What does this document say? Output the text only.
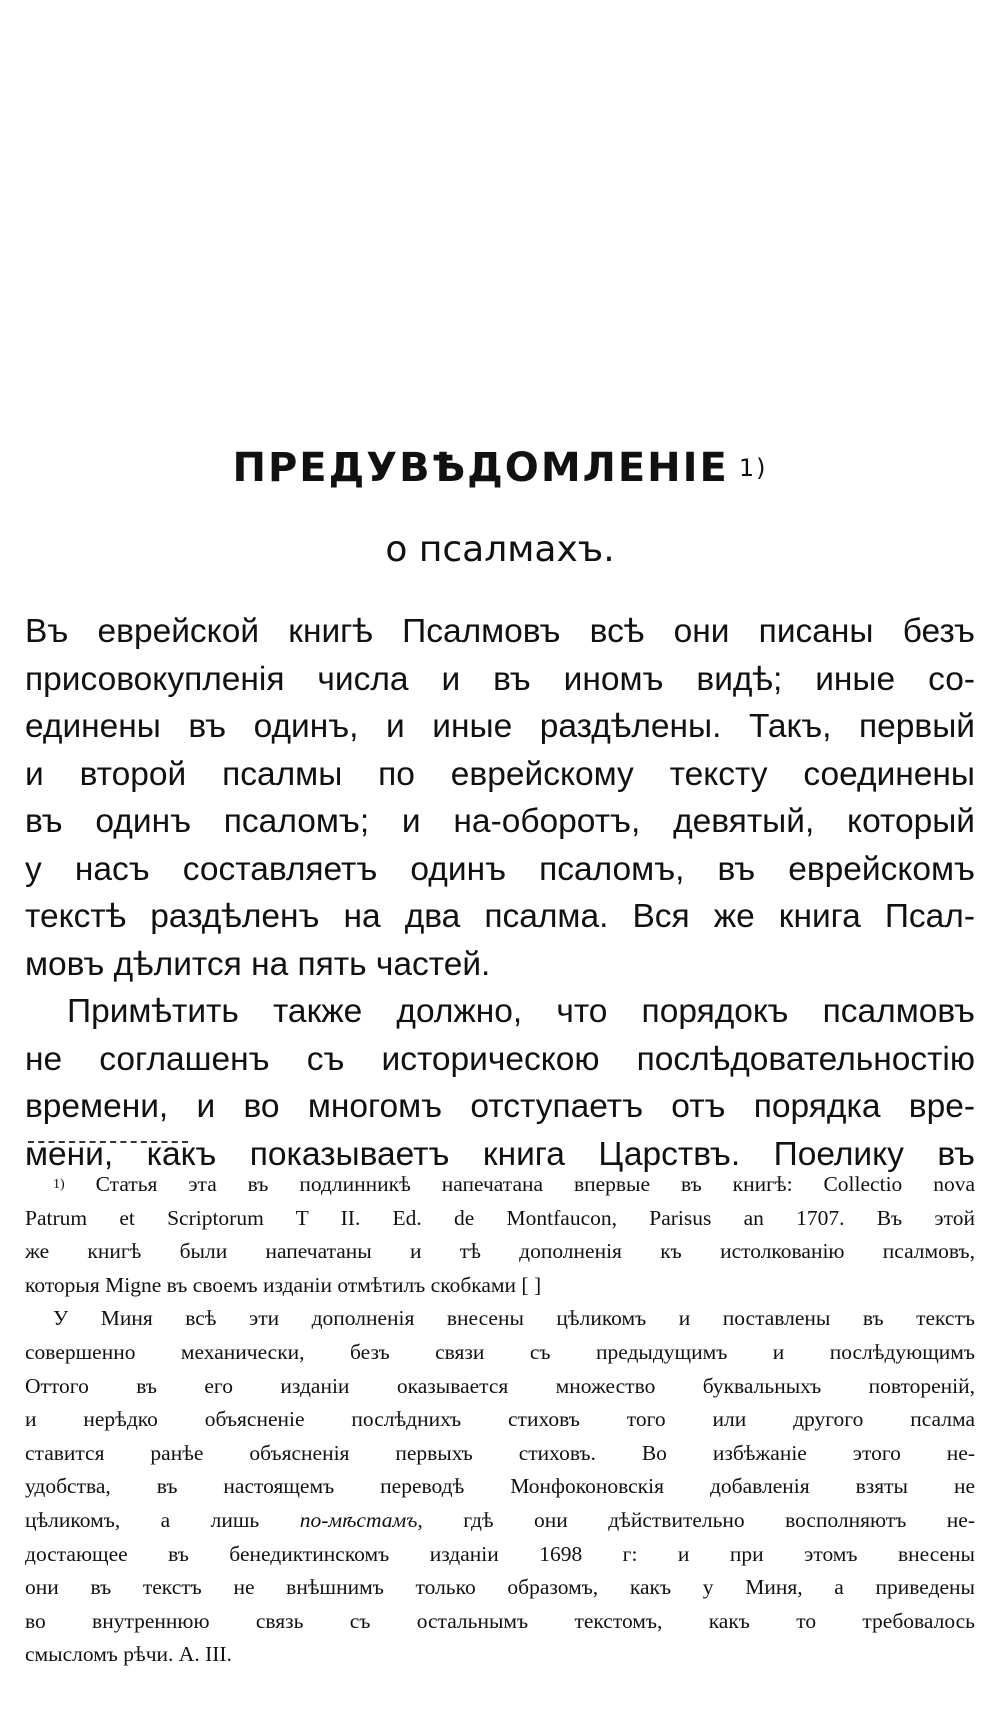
ПРЕДУВѢДОМЛЕНІЕ $^{1)}$
о псалмахъ.
Въ еврейской книгѣ Псалмовъ всѣ они писаны безъ
присовокупленія числа и въ иномъ видѣ; иные со-
единены въ одинъ, и иные раздѣлены. Такъ, первый
и второй псалмы по еврейскому тексту соединены
въ одинъ псаломъ; и на-оборотъ, девятый, который
у насъ составляетъ одинъ псаломъ, въ еврейскомъ
текстѣ раздѣленъ на два псалма. Вся же книга Псал-
мовъ дѣлится на пять частей.
Примѣтить также должно, что порядокъ псалмовъ
не соглашенъ съ историческою послѣдовательностію
времени, и во многомъ отступаетъ отъ порядка вре-
мени, какъ показываетъ книга Царствъ. Поелику въ
$^{1)}$ Статья эта въ подлинникѣ напечатана впервые въ книгѣ: Collectio nova
Patrum et Scriptorum T II. Ed. de Montfaucon, Parisus an 1707. Въ этой
же книгѣ были напечатаны и тѣ дополненія къ истолкованію псалмовъ,
которыя Migne въ своемъ изданіи отмѣтилъ скобками [ ]
У Миня всѣ эти дополненія внесены цѣликомъ и поставлены въ текстъ
совершенно механически, безъ связи съ предыдущимъ и послѣдующимъ
Оттого въ его изданіи оказывается множество буквальныхъ повтореній,
и нерѣдко объясненіе послѣднихъ стиховъ того или другого псалма
ставится ранѣе объясненія первыхъ стиховъ. Во избѣжаніе этого не-
удобства, въ настоящемъ переводѣ Монфоконовскія добавленія взяты не
цѣликомъ, а лишь по-мѣстамъ, гдѣ они дѣйствительно восполняютъ не-
достающее въ бенедиктинскомъ изданіи 1698 г: и при этомъ внесены
они въ текстъ не внѣшнимъ только образомъ, какъ у Миня, а приведены
во внутреннюю связь съ остальнымъ текстомъ, какъ то требовалось
смысломъ рѣчи. А. III.
